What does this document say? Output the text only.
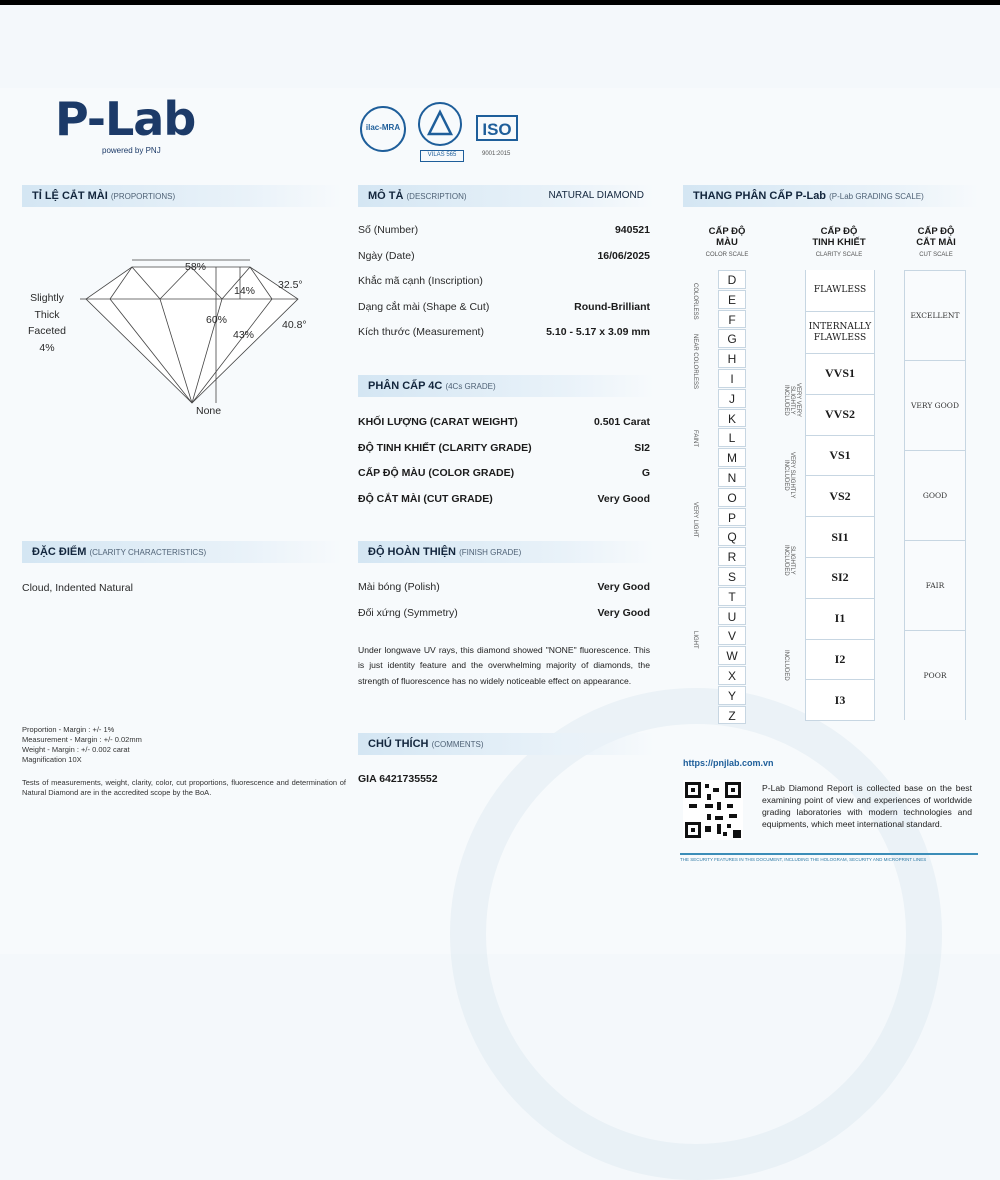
P-Lab
powered by PNJ
ilac-MRA
VILAS 565
ISO
9001:2015
TỈ LỆ CẮT MÀI (PROPORTIONS)
58%
14% 32.5°
60%
43%
40.8°
None
Slightly
Thick
Faceted
4%
ĐẶC ĐIỂM (CLARITY CHARACTERISTICS)
Cloud, Indented Natural
Proportion - Margin : +/- 1%
Measurement - Margin : +/- 0.02mm
Weight - Margin : +/- 0.002 carat
Magnification 10X
Tests of measurements, weight, clarity, color, cut proportions, fluorescence and determination of Natural Diamond are in the accredited scope by the BoA.
MÔ TẢ (DESCRIPTION)	NATURAL DIAMOND
Số (Number)	940521
Ngày (Date)	16/06/2025
Khắc mã cạnh (Inscription)
Dạng cắt mài (Shape & Cut)	Round-Brilliant
Kích thước (Measurement)	5.10 - 5.17 x 3.09 mm
PHÂN CẤP 4C (4Cs GRADE)
KHỐI LƯỢNG (CARAT WEIGHT)	0.501 Carat
ĐỘ TINH KHIẾT (CLARITY GRADE)	SI2
CẤP ĐỘ MÀU (COLOR GRADE)	G
ĐỘ CẮT MÀI (CUT GRADE)	Very Good
ĐỘ HOÀN THIỆN (FINISH GRADE)
Mài bóng (Polish)	Very Good
Đối xứng (Symmetry)	Very Good
Under longwave UV rays, this diamond showed "NONE" fluorescence. This is just identity feature and the overwhelming majority of diamonds, the strength of fluorescence has no widely noticeable effect on appearance.
CHÚ THÍCH (COMMENTS)
GIA 6421735552
THANG PHÂN CẤP P-Lab (P-Lab GRADING SCALE)
CẤP ĐỘ
MÀU
COLOR SCALE
CẤP ĐỘ
TINH KHIẾT
CLARITY SCALE
CẤP ĐỘ
CẮT MÀI
CUT SCALE
COLORLESS
NEAR COLORLESS
FAINT
VERY LIGHT
LIGHT
D
E
F
G
H
I
J
K
L
M
N
O
P
Q
R
S
T
U
V
W
X
Y
Z
VERY VERY SLIGHTLY INCLUDED
VERY SLIGHTLY INCLUDED
SLIGHTLY INCLUDED
INCLUDED
FLAWLESS
INTERNALLY FLAWLESS
VVS1
VVS2
VS1
VS2
SI1
SI2
I1
I2
I3
EXCELLENT
VERY GOOD
GOOD
FAIR
POOR
https://pnjlab.com.vn
P-Lab Diamond Report is collected base on the best examining point of view and experiences of worldwide grading laboratories with modern technologies and equipments, which meet international standard.
THE SECURITY FEATURES IN THIS DOCUMENT, INCLUDING THE HOLOGRAM, SECURITY AND MICROPRINT LINES
